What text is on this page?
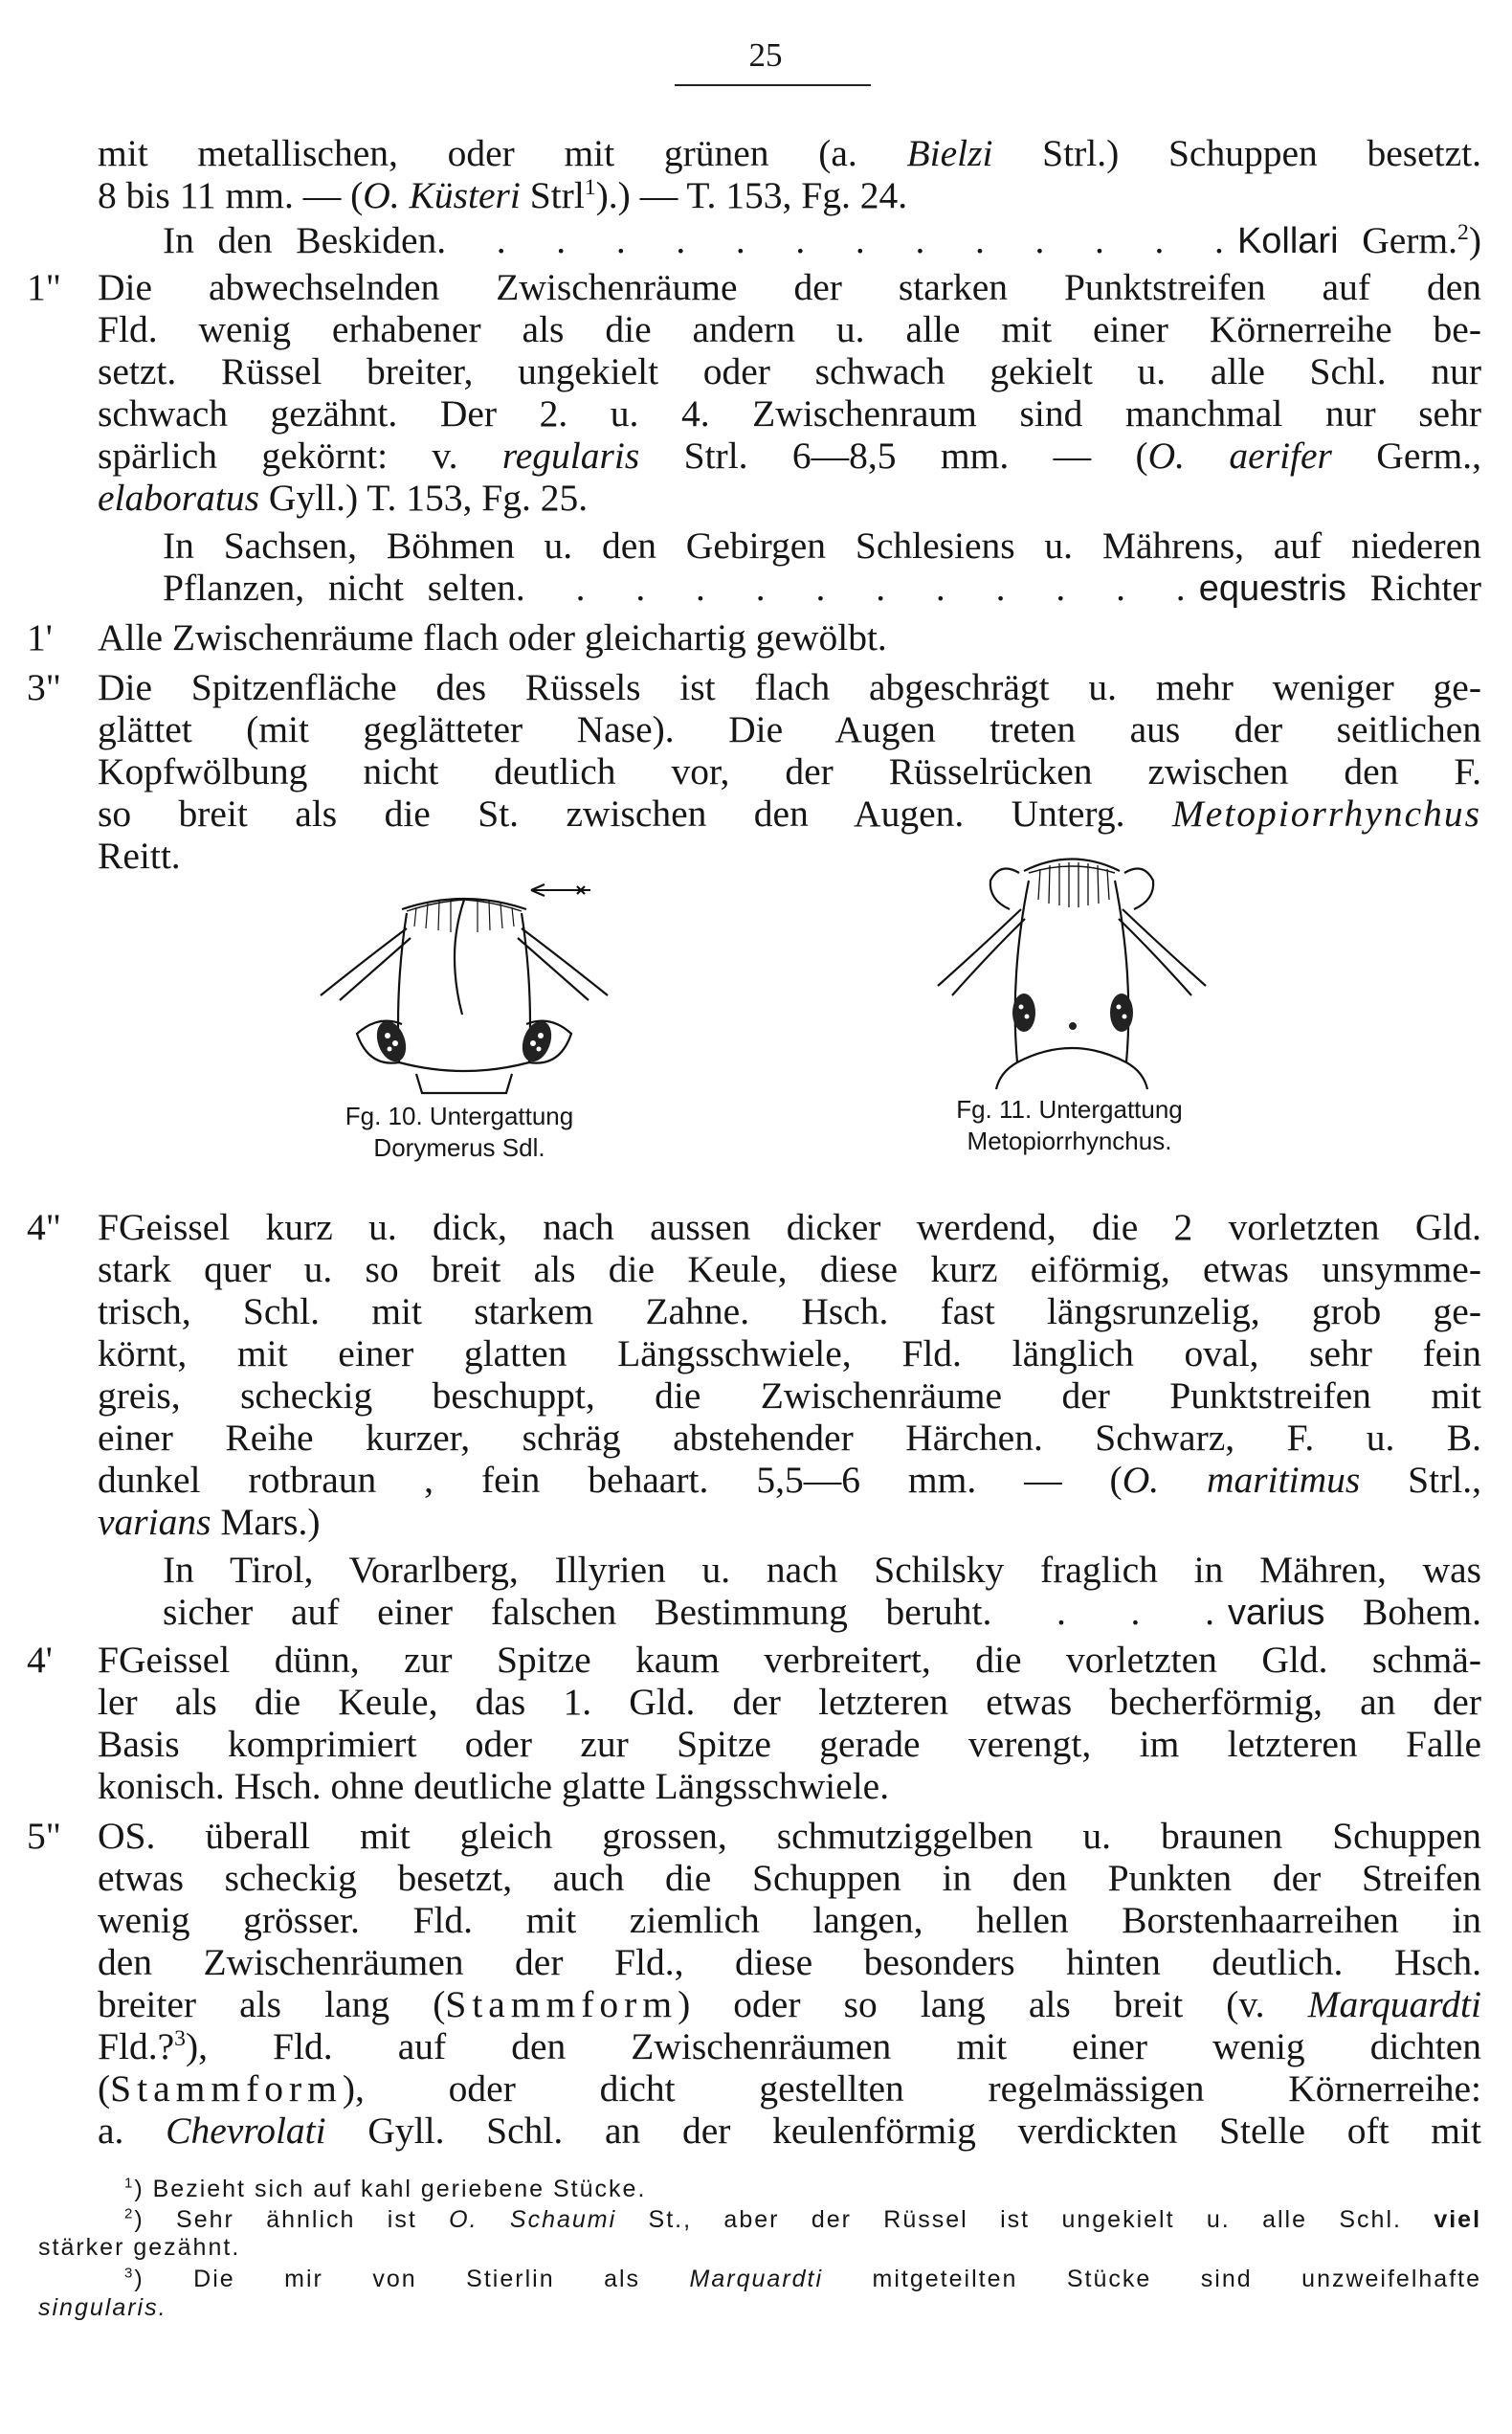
25
mit metallischen, oder mit grünen (a. Bielzi Strl.) Schuppen besetzt.
8 bis 11 mm. — (O. Küsteri Strl$^1$).) — T. 153, Fg. 24.
In den Beskiden. . . . . . . . . . . . . .Kollari Germ.$^2$)
1" Die abwechselnden Zwischenräume der starken Punktstreifen auf den
Fld. wenig erhabener als die andern u. alle mit einer Körnerreihe be-
setzt. Rüssel breiter, ungekielt oder schwach gekielt u. alle Schl. nur
schwach gezähnt. Der 2. u. 4. Zwischenraum sind manchmal nur sehr
spärlich gekörnt: v. regularis Strl. 6—8,5 mm. — (O. aerifer Germ.,
elaboratus Gyll.) T. 153, Fg. 25.
In Sachsen, Böhmen u. den Gebirgen Schlesiens u. Mährens, auf niederen
Pflanzen, nicht selten. . . . . . . . . . . .equestris Richter
1'	Alle Zwischenräume flach oder gleichartig gewölbt.
3" Die Spitzenfläche des Rüssels ist flach abgeschrägt u. mehr weniger ge-
glättet (mit geglätteter Nase). Die Augen treten aus der seitlichen
Kopfwölbung nicht deutlich vor, der Rüsselrücken zwischen den F.
so breit als die St. zwischen den Augen. Unterg. Metopiorrhynchus
Reitt.
Fg. 10. Untergattung
Dorymerus Sdl.
Fg. 11. Untergattung
Metopiorrhynchus.
4" FGeissel kurz u. dick, nach aussen dicker werdend, die 2 vorletzten Gld.
stark quer u. so breit als die Keule, diese kurz eiförmig, etwas unsymme-
trisch, Schl. mit starkem Zahne. Hsch. fast längsrunzelig, grob ge-
körnt, mit einer glatten Längsschwiele, Fld. länglich oval, sehr fein
greis, scheckig beschuppt, die Zwischenräume der Punktstreifen mit
einer Reihe kurzer, schräg abstehender Härchen. Schwarz, F. u. B.
dunkel rotbraun , fein behaart. 5,5—6 mm. — (O. maritimus Strl.,
varians Mars.)
In Tirol, Vorarlberg, Illyrien u. nach Schilsky fraglich in Mähren, was
sicher auf einer falschen Bestimmung beruht. . . .varius Bohem.
4'	FGeissel dünn, zur Spitze kaum verbreitert, die vorletzten Gld. schmä-
ler als die Keule, das 1. Gld. der letzteren etwas becherförmig, an der
Basis komprimiert oder zur Spitze gerade verengt, im letzteren Falle
konisch. Hsch. ohne deutliche glatte Längsschwiele.
5" OS. überall mit gleich grossen, schmutziggelben u. braunen Schuppen
etwas scheckig besetzt, auch die Schuppen in den Punkten der Streifen
wenig grösser. Fld. mit ziemlich langen, hellen Borstenhaarreihen in
den Zwischenräumen der Fld., diese besonders hinten deutlich. Hsch.
breiter als lang (Stammform) oder so lang als breit (v. Marquardti
Fld.?$^3$), Fld. auf den Zwischenräumen mit einer wenig dichten
(Stammform), oder dicht gestellten regelmässigen Körnerreihe:
a. Chevrolati Gyll. Schl. an der keulenförmig verdickten Stelle oft mit
$^1$) Bezieht sich auf kahl geriebene Stücke.
$^2$) Sehr ähnlich ist O. Schaumi St., aber der Rüssel ist ungekielt u. alle Schl. viel
stärker gezähnt.
$^3$) Die mir von Stierlin als Marquardti mitgeteilten Stücke sind unzweifelhafte
singularis.
